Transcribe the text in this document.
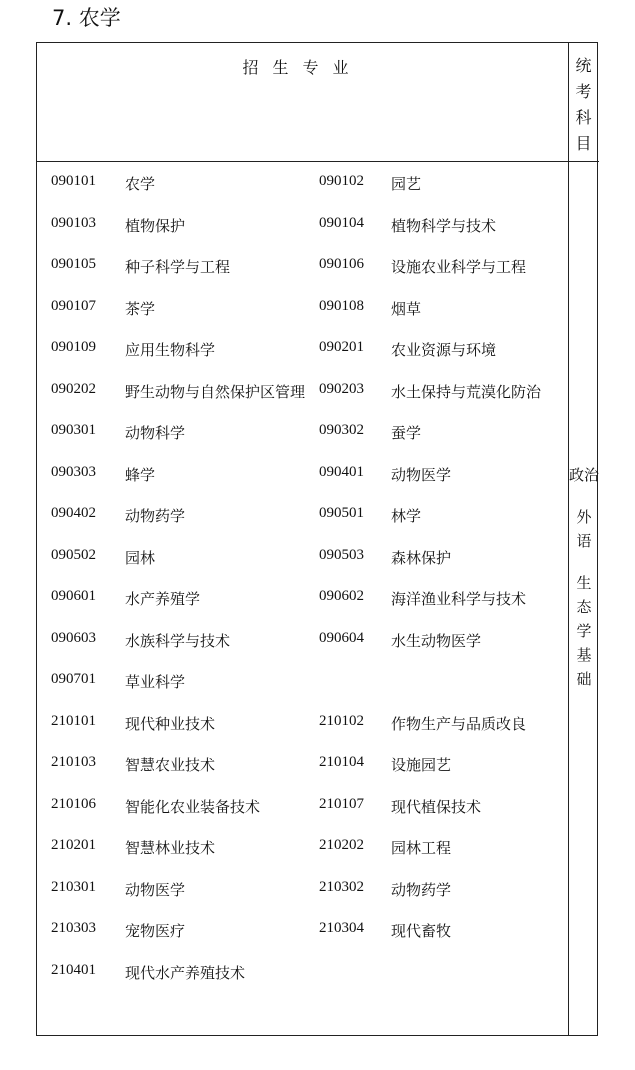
7. 农学
招生专业	统
考
科
目
090101 农学	090102 园艺
090103 植物保护	090104 植物科学与技术
090105 种子科学与工程	090106 设施农业科学与工程
090107 茶学	090108 烟草
090109 应用生物科学	090201 农业资源与环境
090202 野生动物与自然保护区管理 090203 水土保持与荒漠化防治
090301 动物科学	090302 蚕学
090303 蜂学	090401 动物医学
090402 动物药学	090501 林学
090502 园林	090503 森林保护
090601 水产养殖学	090602 海洋渔业科学与技术
090603 水族科学与技术	090604 水生动物医学
090701 草业科学
210101 现代种业技术	210102 作物生产与品质改良
210103 智慧农业技术	210104 设施园艺
210106 智能化农业装备技术	210107 现代植保技术
210201 智慧林业技术	210202 园林工程
210301 动物医学	210302 动物药学
210303 宠物医疗	210304 现代畜牧
210401 现代水产养殖技术
政治
外语
生态学基础
